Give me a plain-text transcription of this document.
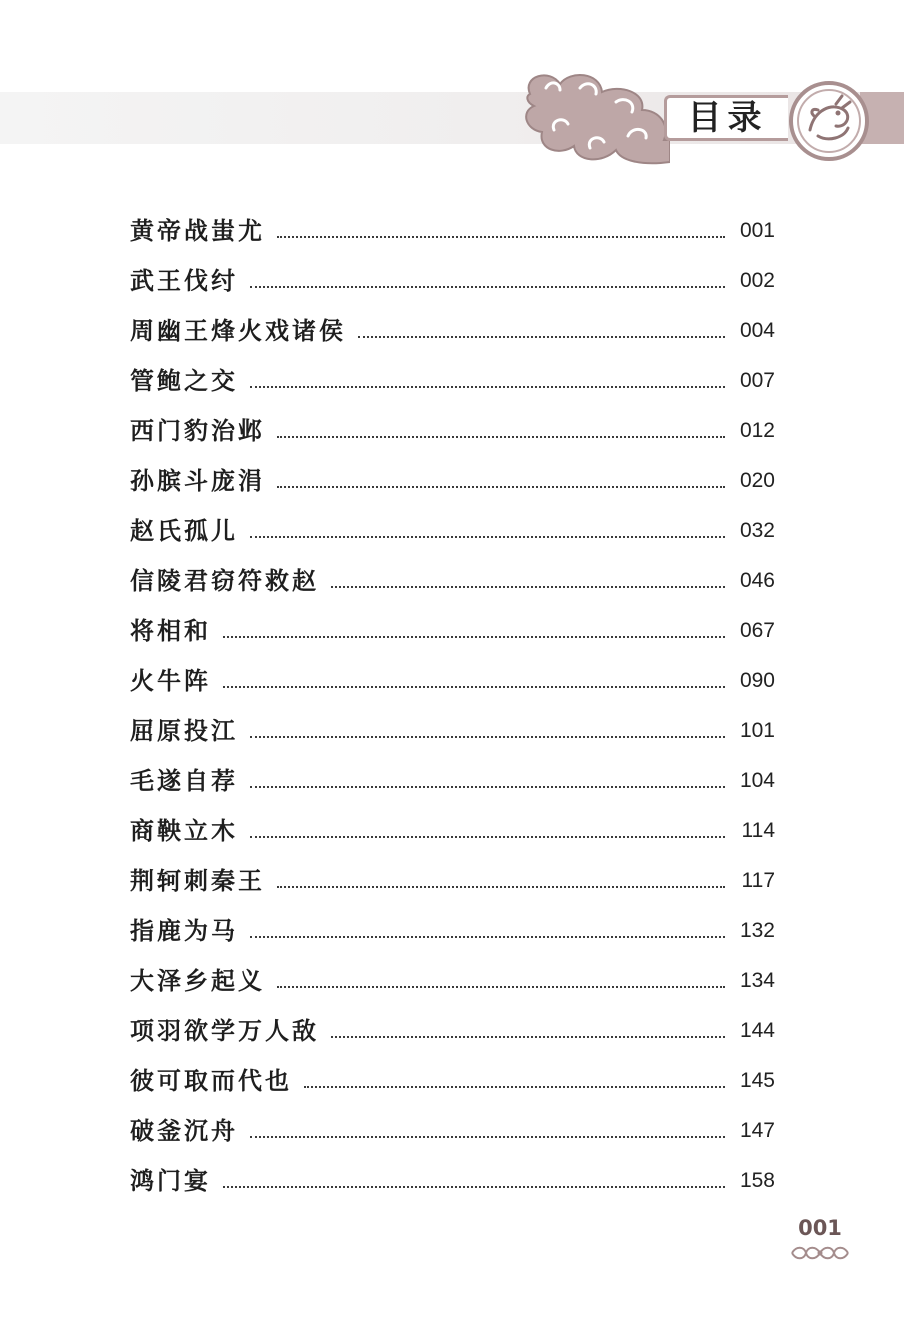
目录
黄帝战蚩尤	001
武王伐纣	002
周幽王烽火戏诸侯	004
管鲍之交	007
西门豹治邺	012
孙膑斗庞涓	020
赵氏孤儿	032
信陵君窃符救赵	046
将相和	067
火牛阵	090
屈原投江	101
毛遂自荐	104
商鞅立木	114
荆轲刺秦王	117
指鹿为马	132
大泽乡起义	134
项羽欲学万人敌	144
彼可取而代也	145
破釜沉舟	147
鸿门宴	158
001
